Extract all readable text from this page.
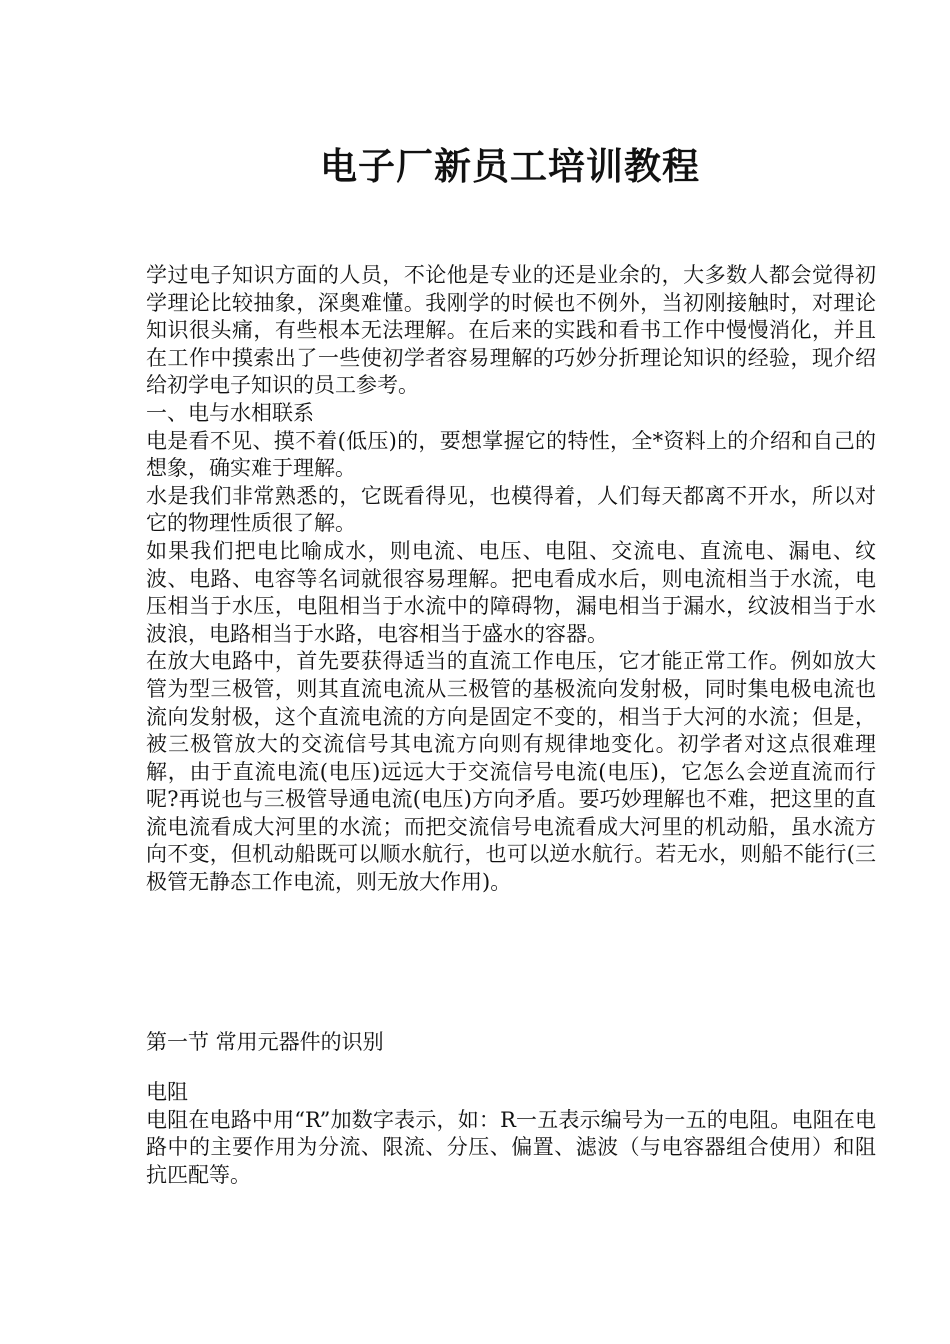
电子厂新员工培训教程

学过电子知识方面的人员，不论他是专业的还是业余的，大多数人都会觉得初学理论比较抽象，深奥难懂。我刚学的时候也不例外，当初刚接触时，对理论知识很头痛，有些根本无法理解。在后来的实践和看书工作中慢慢消化，并且在工作中摸索出了一些使初学者容易理解的巧妙分折理论知识的经验，现介绍给初学电子知识的员工参考。

一、电与水相联系

电是看不见、摸不着(低压)的，要想掌握它的特性，全*资料上的介绍和自己的想象，确实难于理解。

水是我们非常熟悉的，它既看得见，也模得着，人们每天都离不开水，所以对它的物理性质很了解。

如果我们把电比喻成水，则电流、电压、电阻、交流电、直流电、漏电、纹波、电路、电容等名词就很容易理解。把电看成水后，则电流相当于水流，电压相当于水压，电阻相当于水流中的障碍物，漏电相当于漏水，纹波相当于水波浪，电路相当于水路，电容相当于盛水的容器。

在放大电路中，首先要获得适当的直流工作电压，它才能正常工作。例如放大管为型三极管，则其直流电流从三极管的基极流向发射极，同时集电极电流也流向发射极，这个直流电流的方向是固定不变的，相当于大河的水流；但是，被三极管放大的交流信号其电流方向则有规律地变化。初学者对这点很难理解，由于直流电流(电压)远远大于交流信号电流(电压)，它怎么会逆直流而行呢?再说也与三极管导通电流(电压)方向矛盾。要巧妙理解也不难，把这里的直流电流看成大河里的水流；而把交流信号电流看成大河里的机动船，虽水流方向不变，但机动船既可以顺水航行，也可以逆水航行。若无水，则船不能行(三极管无静态工作电流，则无放大作用)。

第一节 常用元器件的识别

电阻

电阻在电路中用“R”加数字表示，如：R一五表示编号为一五的电阻。电阻在电路中的主要作用为分流、限流、分压、偏置、滤波（与电容器组合使用）和阻抗匹配等。
